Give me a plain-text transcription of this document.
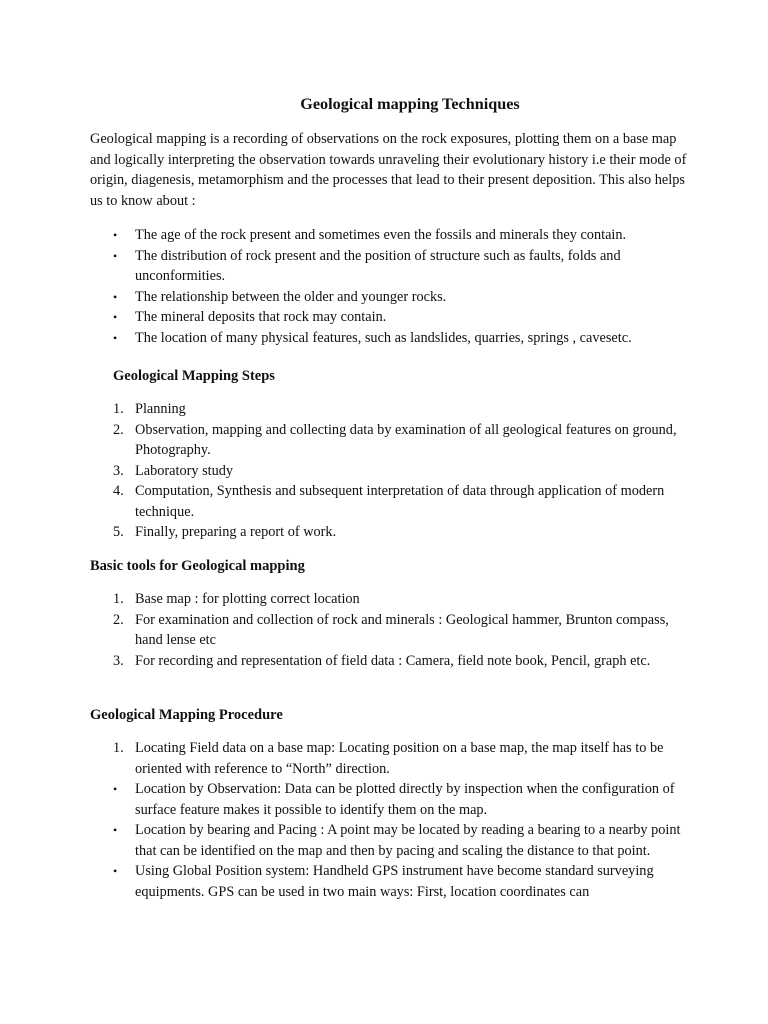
Geological mapping Techniques

Geological mapping is a recording of observations on the rock exposures, plotting them on a base map and logically interpreting the observation towards unraveling their evolutionary history i.e their mode of origin, diagenesis, metamorphism and the processes that lead to their present deposition. This also helps us to know about :

• The age of the rock present and sometimes even the fossils and minerals they contain.
• The distribution of rock present and the position of structure such as faults, folds and unconformities.
• The relationship between the older and younger rocks.
• The mineral deposits that rock may contain.
• The location of many physical features, such as landslides, quarries, springs , cavesetc.
Geological Mapping Steps
1. Planning
2. Observation, mapping and collecting data by examination of all geological features on ground, Photography.
3. Laboratory study
4. Computation, Synthesis and subsequent interpretation of data through application of modern technique.
5. Finally, preparing a report of work.
Basic tools for Geological mapping
1. Base map : for plotting correct location
2. For examination and collection of rock and minerals : Geological hammer, Brunton compass, hand lense etc
3. For recording and representation of field data : Camera, field note book, Pencil, graph etc.
Geological Mapping Procedure
1. Locating Field data on a base map: Locating position on a base map, the map itself has to be oriented with reference to “North” direction.
• Location by Observation: Data can be plotted directly by inspection when the configuration of surface feature makes it possible to identify them on the map.
• Location by bearing and Pacing : A point may be located by reading a bearing to a nearby point that can be identified on the map and then by pacing and scaling the distance to that point.
• Using Global Position system: Handheld GPS instrument have become standard surveying equipments. GPS can be used in two main ways: First, location coordinates can
